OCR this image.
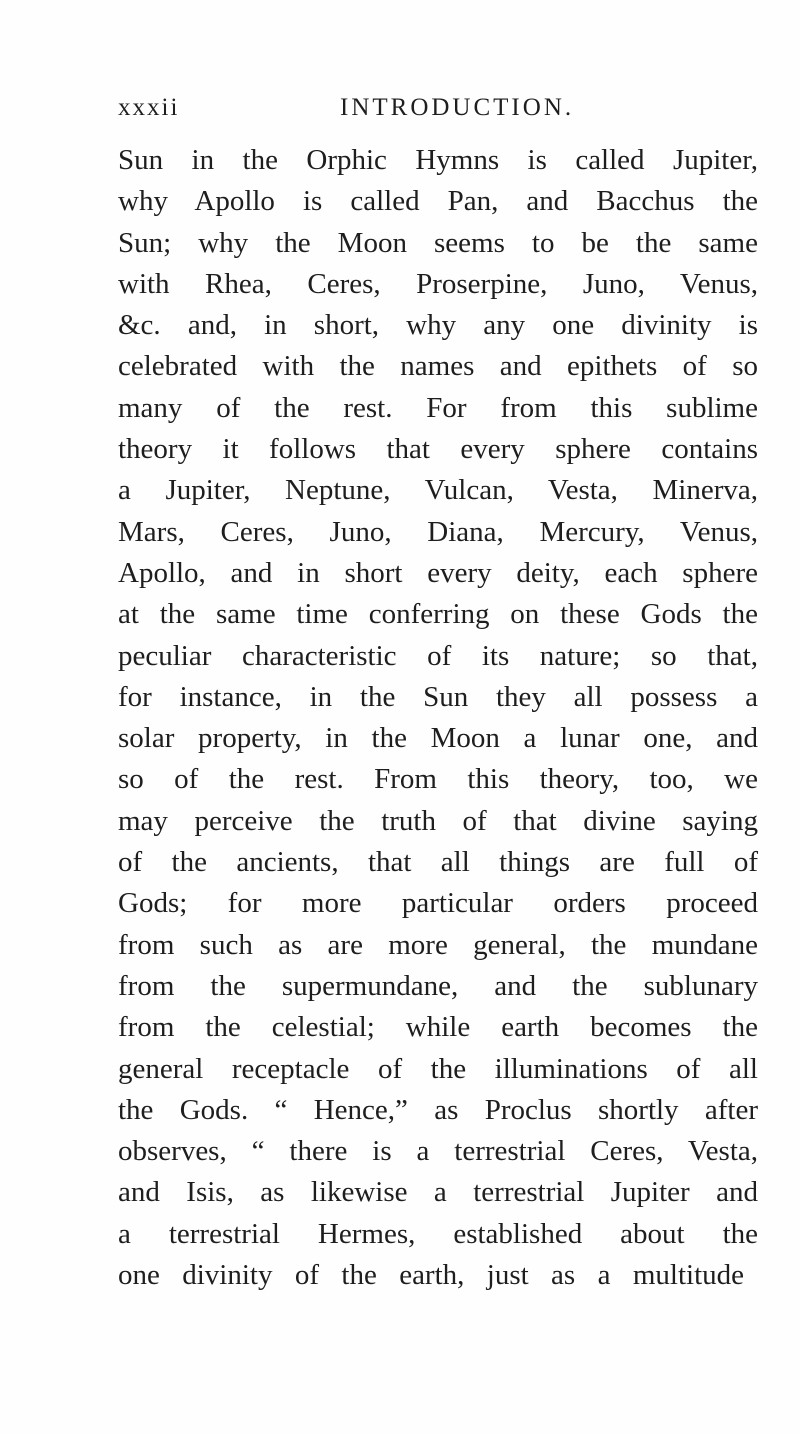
xxxii	INTRODUCTION.
Sun in the Orphic Hymns is called Jupiter,
why Apollo is called Pan, and Bacchus the
Sun; why the Moon seems to be the same
with Rhea, Ceres, Proserpine, Juno, Venus,
&c. and, in short, why any one divinity is
celebrated with the names and epithets of so
many of the rest. For from this sublime
theory it follows that every sphere contains
a Jupiter, Neptune, Vulcan, Vesta, Minerva,
Mars, Ceres, Juno, Diana, Mercury, Venus,
Apollo, and in short every deity, each sphere
at the same time conferring on these Gods the
peculiar characteristic of its nature; so that,
for instance, in the Sun they all possess a
solar property, in the Moon a lunar one, and
so of the rest. From this theory, too, we
may perceive the truth of that divine saying
of the ancients, that all things are full of
Gods; for more particular orders proceed
from such as are more general, the mundane
from the supermundane, and the sublunary
from the celestial; while earth becomes the
general receptacle of the illuminations of all
the Gods. “ Hence,” as Proclus shortly after
observes, “ there is a terrestrial Ceres, Vesta,
and Isis, as likewise a terrestrial Jupiter and
a terrestrial Hermes, established about the
one divinity of the earth, just as a multitude
